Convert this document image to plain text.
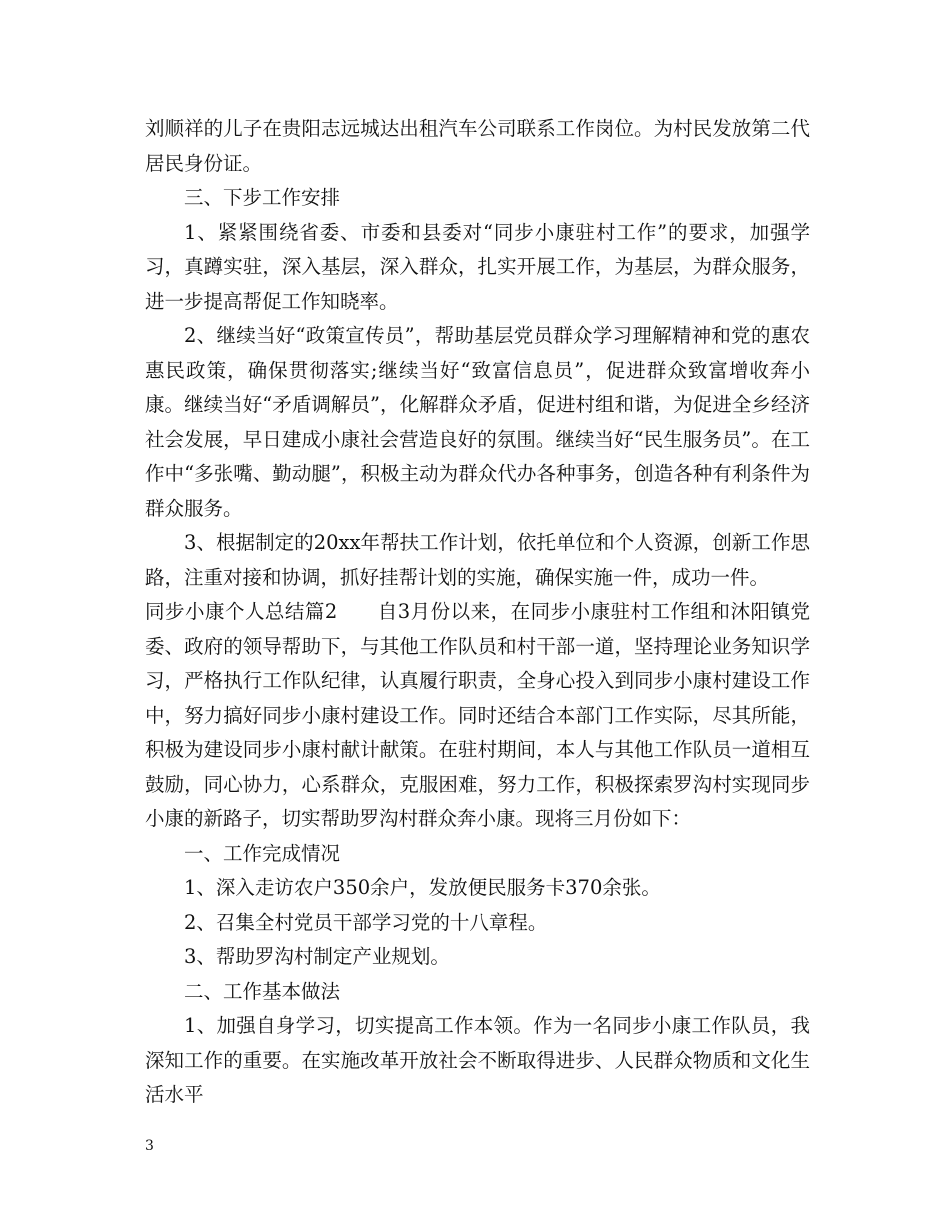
刘顺祥的儿子在贵阳志远城达出租汽车公司联系工作岗位。为村民发放第二代居民身份证。

三、下步工作安排

1、紧紧围绕省委、市委和县委对“同步小康驻村工作”的要求，加强学习，真蹲实驻，深入基层，深入群众，扎实开展工作，为基层，为群众服务，进一步提高帮促工作知晓率。

2、继续当好“政策宣传员”，帮助基层党员群众学习理解精神和党的惠农惠民政策，确保贯彻落实;继续当好“致富信息员”，促进群众致富增收奔小康。继续当好“矛盾调解员”，化解群众矛盾，促进村组和谐，为促进全乡经济社会发展，早日建成小康社会营造良好的氛围。继续当好“民生服务员”。在工作中“多张嘴、勤动腿”，积极主动为群众代办各种事务，创造各种有利条件为群众服务。

3、根据制定的20xx年帮扶工作计划，依托单位和个人资源，创新工作思路，注重对接和协调，抓好挂帮计划的实施，确保实施一件，成功一件。

同步小康个人总结篇2 自3月份以来，在同步小康驻村工作组和沐阳镇党委、政府的领导帮助下，与其他工作队员和村干部一道，坚持理论业务知识学习，严格执行工作队纪律，认真履行职责，全身心投入到同步小康村建设工作中，努力搞好同步小康村建设工作。同时还结合本部门工作实际，尽其所能，积极为建设同步小康村献计献策。在驻村期间，本人与其他工作队员一道相互鼓励，同心协力，心系群众，克服困难，努力工作，积极探索罗沟村实现同步小康的新路子，切实帮助罗沟村群众奔小康。现将三月份如下：

一、工作完成情况

1、深入走访农户350余户，发放便民服务卡370余张。

2、召集全村党员干部学习党的十八章程。

3、帮助罗沟村制定产业规划。

二、工作基本做法

1、加强自身学习，切实提高工作本领。作为一名同步小康工作队员，我深知工作的重要。在实施改革开放社会不断取得进步、人民群众物质和文化生活水平

3
